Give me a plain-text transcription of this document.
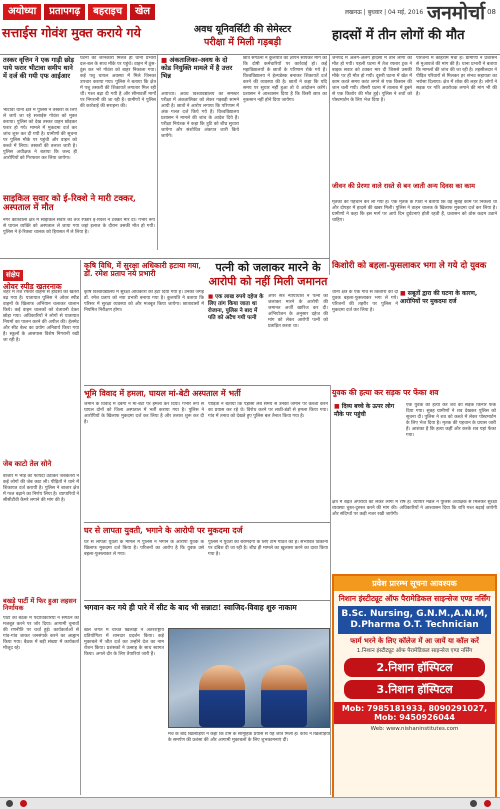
अयोध्या	प्रतापगढ़	बहराइच	खेल	लखनऊ | बुधवार | 04 मई, 2016 जनमोर्चा 08
सत्ताईस गोवंश मुक्त कराये गये	अवध यूनिवर्सिटी की सेमेस्टर
परीक्षा में मिली गड़बड़ी	हादसों में तीन लोगों की मौत
तस्कर वृत्तिन ने एक गाड़ी छोड़ पाये फरार भीटावा समीप थाने में दर्ज की गयी एफ आईआर
भीटावा थाना क्षेत्र में पुलिस ने तस्करी के लिए ले जाये जा रहे सत्ताईस गोवंश को मुक्त कराया। पुलिस को देख तस्कर वाहन छोड़कर फरार हो गये। मामले में मुकदमा दर्ज कर जांच शुरू कर दी गयी है। ग्रामीणों की सूचना पर पुलिस मौके पर पहुंची और वाहन को कब्जे में लिया। तस्करों की तलाश जारी है। पुलिस अधीक्षक ने बताया कि जल्द ही आरोपियों को गिरफ्तार कर लिया जायेगा।
घटना की जानकारी मिलते ही थाना प्रभारी दल-बल के साथ मौके पर पहुंचे। वाहन में ठूंस-ठूंस कर भरे गोवंश को बाहर निकाला गया। कई पशु घायल अवस्था में मिले जिनका उपचार कराया गया। पुलिस ने बताया कि क्षेत्र में पशु तस्करी की शिकायतें लगातार मिल रही थीं। गश्त बढ़ा दी गयी है और सीमावर्ती मार्गों पर निगरानी की जा रही है। ग्रामीणों ने पुलिस की कार्रवाई की सराहना की।
■ अंकतालिका-अवध के दो कोड नियुक्ति मामले में है उत्तर भिन्न
अयोध्या। अवध विश्वविद्यालय की सेमेस्टर परीक्षा में अंकतालिका को लेकर गड़बड़ी सामने आयी है। छात्रों ने आरोप लगाया कि परिणाम में अंक गलत दर्ज किये गये हैं। विश्वविद्यालय प्रशासन ने मामले की जांच के आदेश दिये हैं। परीक्षा नियंत्रक ने कहा कि त्रुटि को शीघ्र सुधारा जायेगा और संशोधित अंकपत्र जारी किये जायेंगे।
छात्र संगठनों ने कुलपति को ज्ञापन सौंपकर मांग की कि दोषी कर्मचारियों पर कार्रवाई हो। कई महाविद्यालयों के छात्रों के परिणाम रोके गये हैं। विश्वविद्यालय ने हेल्पडेस्क बनाकर शिकायतें दर्ज करने की व्यवस्था की है। छात्रों ने कहा कि यदि समय पर सुधार नहीं हुआ तो वे आंदोलन करेंगे। प्रशासन ने आश्वासन दिया है कि किसी छात्र का नुकसान नहीं होने दिया जायेगा।
जनपद में अलग-अलग हादसों में तीन लोगों की मौत हो गयी। पहली घटना में तेज रफ्तार ट्रक ने बाइक सवार को टक्कर मार दी जिससे उसकी मौके पर ही मौत हो गयी। दूसरी घटना में खेत में काम करते समय करंट लगने से एक किसान की जान चली गयी। तीसरी घटना में तालाब में डूबने से एक किशोर की मौत हुई। पुलिस ने शवों को पोस्टमार्टम के लिए भेज दिया है।
परिजनों में कोहराम मचा है। ग्रामीणों ने प्रशासन से मुआवजे की मांग की है। थाना प्रभारी ने बताया कि मामलों की जांच की जा रही है। तहसीलदार ने पीड़ित परिवारों से मिलकर हर संभव सहायता का भरोसा दिलाया। क्षेत्र में शोक की लहर है। लोगों ने सड़क पर गति अवरोधक लगाने की मांग भी की है।
जीवन की प्रेरणा वाले रास्ते से बन जाती अन्य दिवस का काम
मृतकों की पहचान कर ली गयी है। एक मृतक के पिता ने बताया कि वह सुबह काम पर निकला था और दोपहर में हादसे की खबर मिली। पुलिस ने वाहन चालक के खिलाफ मुकदमा दर्ज कर लिया है। ग्रामीणों ने कहा कि इस मार्ग पर आये दिन दुर्घटनाएं होती रहती हैं, प्रशासन को ठोस कदम उठाने चाहिए।
साइकिल सवार को ई-रिक्शे ने मारी टक्कर, अस्पताल में मौत
नगर कोतवाली क्षेत्र में साइकिल सवार को तेज रफ्तार ई-रिक्शे ने टक्कर मार दी। गंभीर रूप से घायल व्यक्ति को अस्पताल ले जाया गया जहां इलाज के दौरान उसकी मौत हो गयी। पुलिस ने ई-रिक्शा चालक को हिरासत में ले लिया है।
संक्षेप
ओवर स्पीड खतरनाक
शहर में तेज रफ्तार वाहनों से हादसों का खतरा बढ़ गया है। यातायात पुलिस ने ओवर स्पीड वाहनों के खिलाफ अभियान चलाकर चालान किये। कई वाहन चालकों को चेतावनी देकर छोड़ा गया। अधिकारियों ने लोगों से यातायात नियमों का पालन करने की अपील की। हेलमेट और सीट बेल्ट का प्रयोग अनिवार्य किया गया है। स्कूलों के आसपास विशेष निगरानी रखी जा रही है।
जेब काटो तेल सोने
बाजार में भीड़ का फायदा उठाकर जेबकतरों ने कई लोगों की जेब काट ली। पीड़ितों ने थाने में शिकायत दर्ज करायी है। पुलिस ने बाजार क्षेत्र में गश्त बढ़ाने का निर्णय लिया है। व्यापारियों ने सीसीटीवी कैमरे लगाने की मांग की है।
कृषि विधि, में सुरक्षा अधिकारी हटाया गया, डॉ. रमेश प्रताप नये प्रभारी
कृषि विश्वविद्यालय में सुरक्षा अधिकारी को हटा दिया गया है। उनकी जगह डॉ. रमेश प्रताप को नया प्रभारी बनाया गया है। कुलपति ने बताया कि परिसर में सुरक्षा व्यवस्था को और मजबूत किया जायेगा। छात्रावासों में नियमित निरीक्षण होगा।
पत्नी को जलाकर मारने के
आरोपी को नहीं मिली जमानत
■ एक लाख रुपये दहेज के लिए तांग किया जाता था रोजाना, पुलिस ने बाद में पति को अटैच गयी पत्नी
अपर सत्र न्यायाधीश ने पत्नी को जलाकर मारने के आरोपी की जमानत अर्जी खारिज कर दी। अभियोजन के अनुसार दहेज की मांग को लेकर आरोपी पत्नी को प्रताड़ित करता था।
किशोरी को बहला-फुसलाकर भगा ले गये दो युवक
■ सबूतों द्वारा की घटना के कारण, आरोपियों पर मुकदमा दर्ज
थाना क्षेत्र के एक गांव से किशोरी को दो युवक बहला-फुसलाकर भगा ले गये। परिजनों की तहरीर पर पुलिस ने मुकदमा दर्ज कर लिया है।
भूमि विवाद में हमला, घायल मां-बेटी अस्पताल में भर्ती
जमीन के विवाद में दबंगों ने मां-बेटी पर हमला कर दिया। गंभीर रूप से घायल दोनों को जिला अस्पताल में भर्ती कराया गया है। पुलिस ने आरोपियों के खिलाफ मुकदमा दर्ज कर लिया है और तलाश शुरू कर दी है।
पीड़िता ने बताया कि पड़ोसी लंबे समय से उनकी जमीन पर कब्जा करने का प्रयास कर रहे थे। विरोध करने पर लाठी-डंडों से हमला किया गया। गांव में तनाव को देखते हुए पुलिस बल तैनात किया गया है।
युवक की हत्या कर सड़क पर फेंका शव
■ दिव्य बच्चे के ऊपर लोग मौके पर पहुंची
एक युवक की हत्या कर शव को सड़क किनारे फेंक दिया गया। सुबह ग्रामीणों ने शव देखकर पुलिस को सूचना दी। पुलिस ने शव को कब्जे में लेकर पोस्टमार्टम के लिए भेज दिया है। मृतक की पहचान के प्रयास जारी हैं। आशंका है कि हत्या कहीं और करके शव यहां फेंका गया।
घर से लापता युवती, भगाने के आरोपी पर मुकदमा दर्ज
घर से लापता युवती के मामले में पुलिस ने भगाने के आरोपी युवक के खिलाफ मुकदमा दर्ज किया है। परिजनों का आरोप है कि युवक उसे बहला-फुसलाकर ले गया।
पुलिस ने युवती की बरामदगी के लिए टीम गठित की है। संभावित ठिकानों पर दबिश दी जा रही है। शीघ्र ही मामले का खुलासा करने का दावा किया गया है।
भगवान कर गये ही पारे में सीट के बाद भी सन्नाटा! स्वाजिद-विवाह शुरु नाकाम
खेल जगत में चर्चित खिलाड़ी ने अंतरराष्ट्रीय प्रतियोगिता में शानदार प्रदर्शन किया। कड़े मुकाबले में जीत दर्ज कर उन्होंने देश का नाम रोशन किया। प्रशंसकों ने उत्साह के साथ स्वागत किया। अगले दौर के लिए तैयारियां जारी हैं।
मैच के बाद खिलाड़ियों ने कहा कि टीम के सामूहिक प्रयास से यह जीत मिली है। कोच ने खिलाड़ियों के समर्पण की प्रशंसा की और आगामी मुकाबलों के लिए शुभकामनाएं दीं।
बखड़े पार्टी में फिर हुआ लहसन निर्णायक
पार्टी की बैठक में पदाधिकारियों ने संगठन को मजबूत करने पर जोर दिया। आगामी चुनावों की रणनीति पर चर्चा हुई। कार्यकर्ताओं से गांव-गांव जाकर जनसंपर्क करने का आह्वान किया गया। बैठक में बड़ी संख्या में कार्यकर्ता मौजूद रहे।
क्षेत्र में बढ़ते अपराधों को लेकर लोगों में रोष है। व्यापार मंडल ने पुलिस अधीक्षक से मिलकर सुरक्षा व्यवस्था चुस्त-दुरुस्त करने की मांग की। अधिकारियों ने आश्वासन दिया कि रात्रि गश्त बढ़ाई जायेगी और संदिग्धों पर कड़ी नजर रखी जायेगी।
प्रवेश प्रारम्भ सूचना आवश्यक
निशान इंस्टीट्यूट ऑफ पैरामेडिकल साइन्सेज एण्ड नर्सिंग
B.Sc. Nursing, G.N.M.,A.N.M, D.Pharma O.T. Technician
फार्म भरने के लिए कॉलेज में आ जायें या कॉल करें
1.निशान इंस्टीट्यूट ऑफ पैरामेडिकल साइन्सेज एण्ड नर्सिंग
2.निशान हॉस्पिटल
3.निशान हॉस्पिटल
Mob: 7985181933, 8090291027, Mob: 9450926044
Web: www.nishaninstitutes.com
